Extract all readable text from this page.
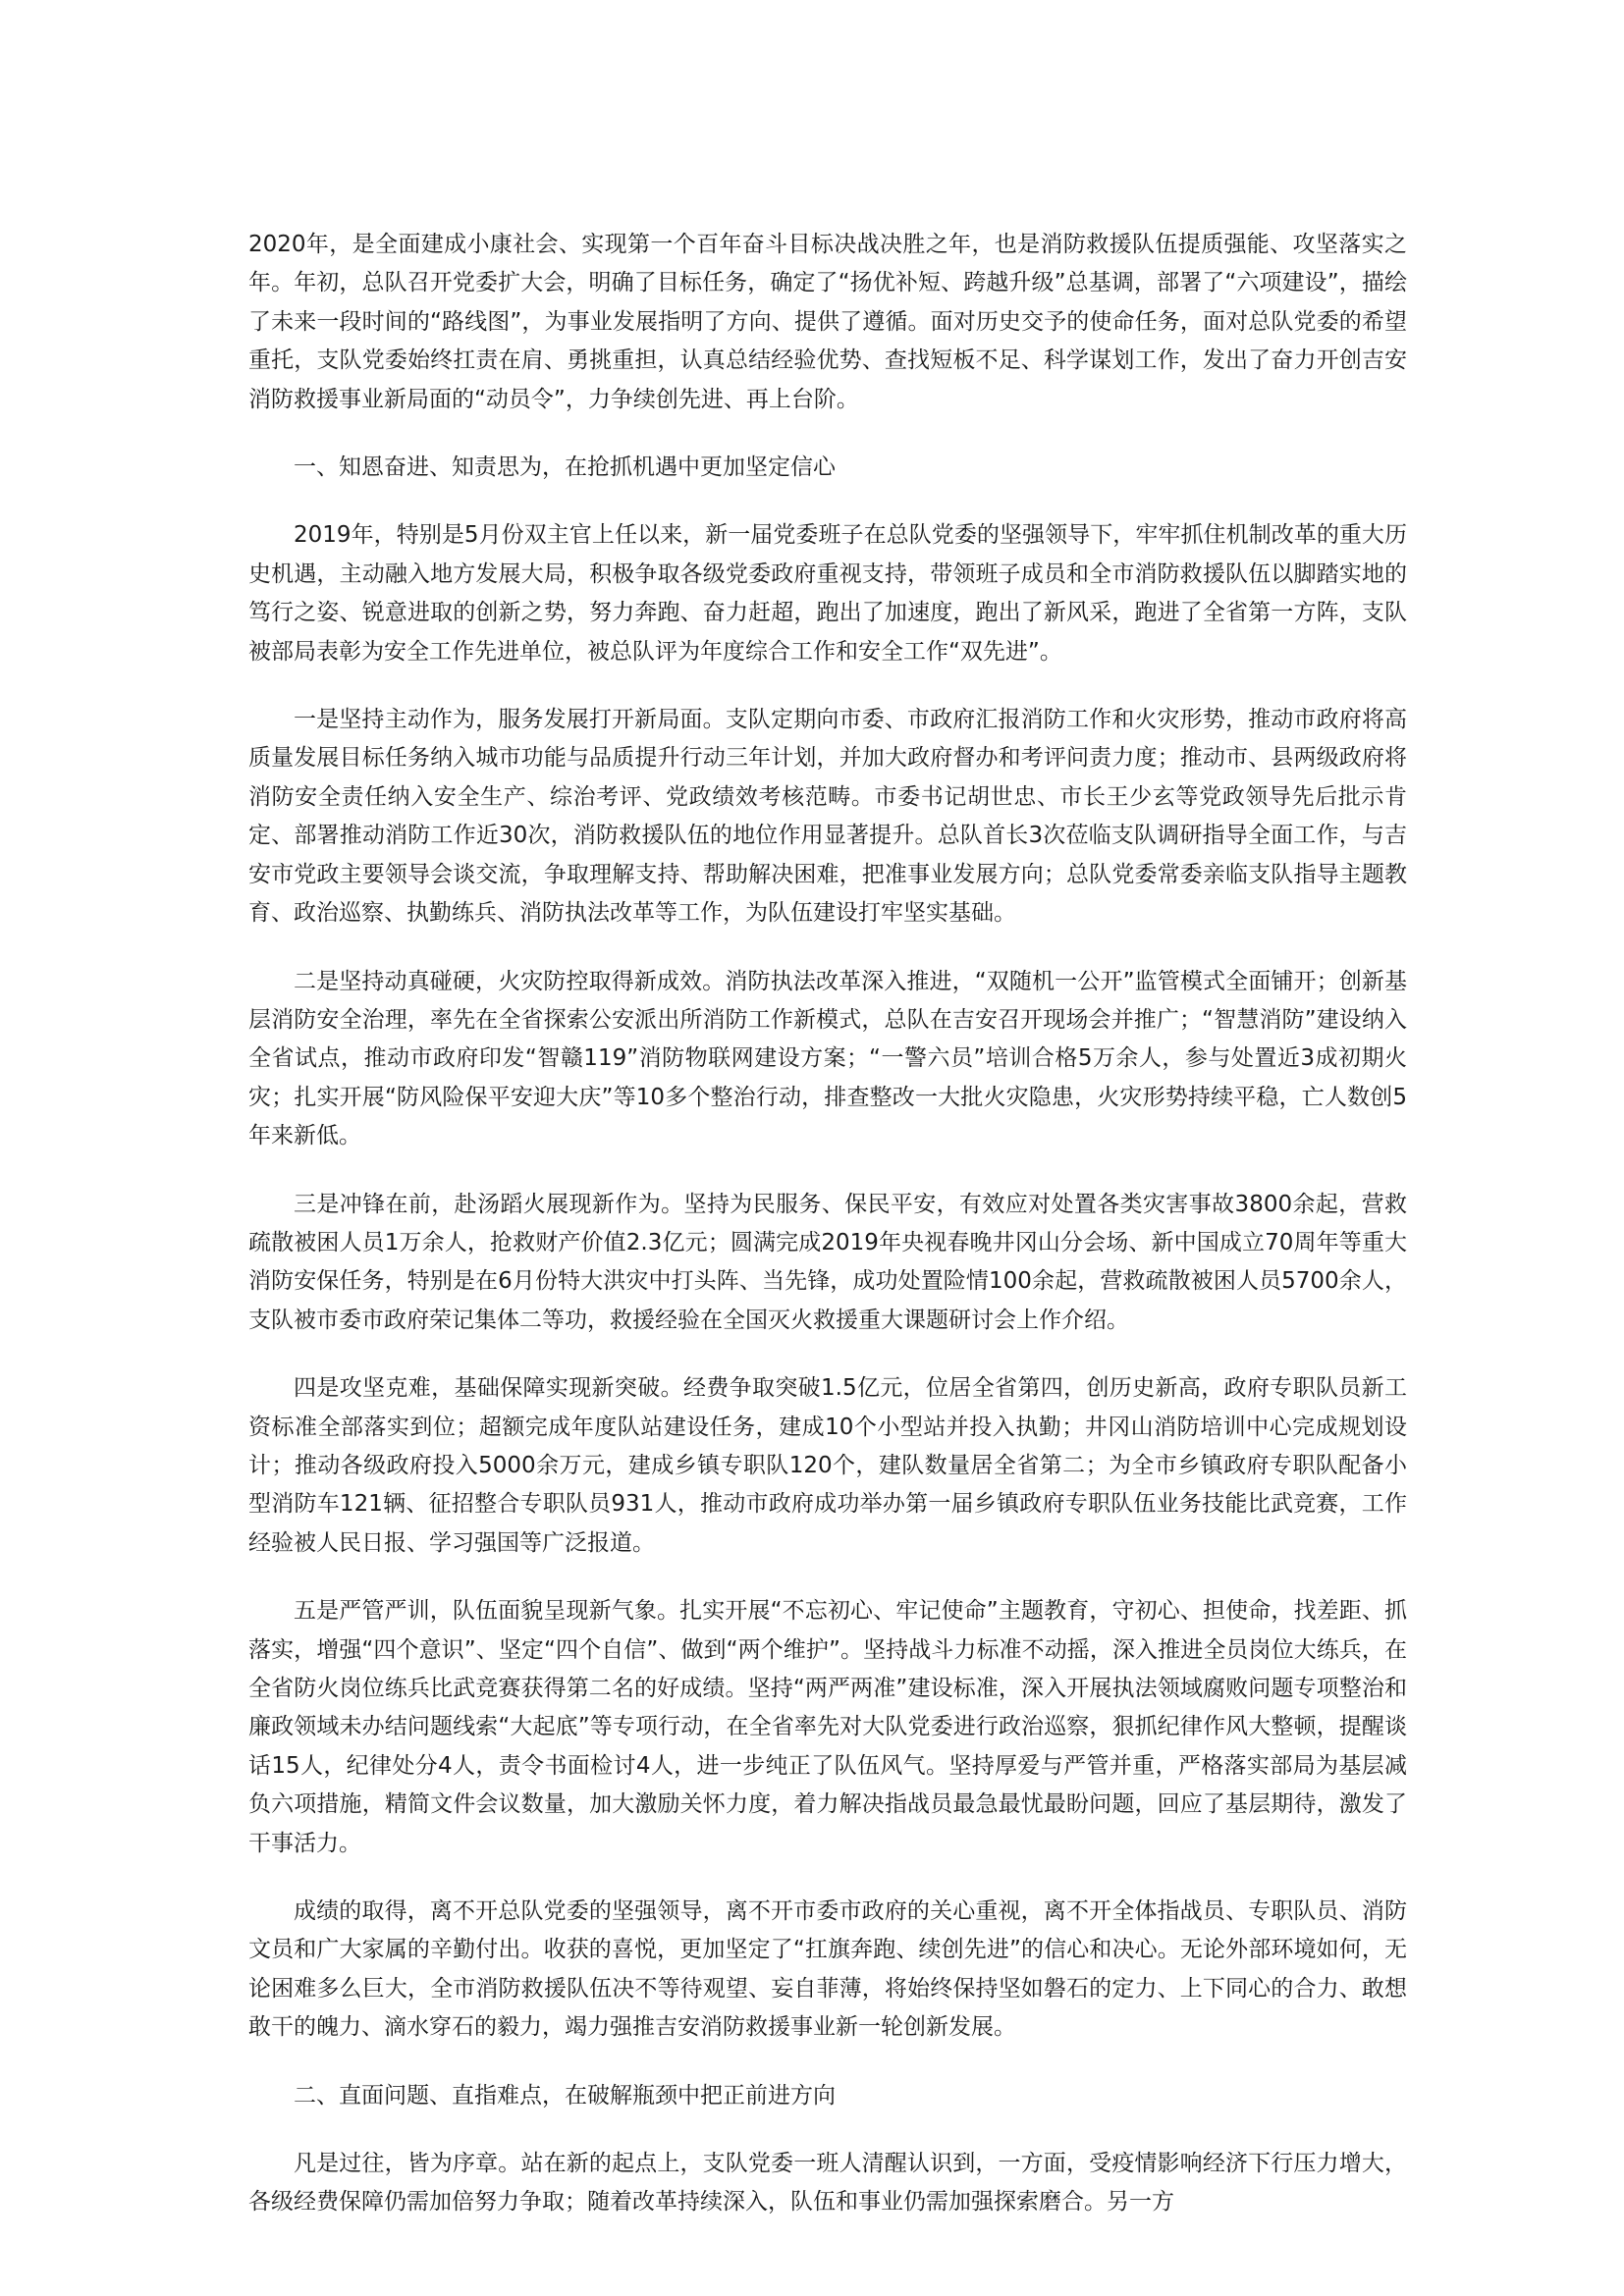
2020年，是全面建成小康社会、实现第一个百年奋斗目标决战决胜之年，也是消防救援队伍提质强能、攻坚落实之年。年初，总队召开党委扩大会，明确了目标任务，确定了“扬优补短、跨越升级”总基调，部署了“六项建设”，描绘了未来一段时间的“路线图”，为事业发展指明了方向、提供了遵循。面对历史交予的使命任务，面对总队党委的希望重托，支队党委始终扛责在肩、勇挑重担，认真总结经验优势、查找短板不足、科学谋划工作，发出了奋力开创吉安消防救援事业新局面的“动员令”，力争续创先进、再上台阶。

一、知恩奋进、知责思为，在抢抓机遇中更加坚定信心

2019年，特别是5月份双主官上任以来，新一届党委班子在总队党委的坚强领导下，牢牢抓住机制改革的重大历史机遇，主动融入地方发展大局，积极争取各级党委政府重视支持，带领班子成员和全市消防救援队伍以脚踏实地的笃行之姿、锐意进取的创新之势，努力奔跑、奋力赶超，跑出了加速度，跑出了新风采，跑进了全省第一方阵，支队被部局表彰为安全工作先进单位，被总队评为年度综合工作和安全工作“双先进”。

一是坚持主动作为，服务发展打开新局面。支队定期向市委、市政府汇报消防工作和火灾形势，推动市政府将高质量发展目标任务纳入城市功能与品质提升行动三年计划，并加大政府督办和考评问责力度；推动市、县两级政府将消防安全责任纳入安全生产、综治考评、党政绩效考核范畴。市委书记胡世忠、市长王少玄等党政领导先后批示肯定、部署推动消防工作近30次，消防救援队伍的地位作用显著提升。总队首长3次莅临支队调研指导全面工作，与吉安市党政主要领导会谈交流，争取理解支持、帮助解决困难，把准事业发展方向；总队党委常委亲临支队指导主题教育、政治巡察、执勤练兵、消防执法改革等工作，为队伍建设打牢坚实基础。

二是坚持动真碰硬，火灾防控取得新成效。消防执法改革深入推进，“双随机一公开”监管模式全面铺开；创新基层消防安全治理，率先在全省探索公安派出所消防工作新模式，总队在吉安召开现场会并推广；“智慧消防”建设纳入全省试点，推动市政府印发“智赣119”消防物联网建设方案；“一警六员”培训合格5万余人，参与处置近3成初期火灾；扎实开展“防风险保平安迎大庆”等10多个整治行动，排查整改一大批火灾隐患，火灾形势持续平稳，亡人数创5年来新低。

三是冲锋在前，赴汤蹈火展现新作为。坚持为民服务、保民平安，有效应对处置各类灾害事故3800余起，营救疏散被困人员1万余人，抢救财产价值2.3亿元；圆满完成2019年央视春晚井冈山分会场、新中国成立70周年等重大消防安保任务，特别是在6月份特大洪灾中打头阵、当先锋，成功处置险情100余起，营救疏散被困人员5700余人，支队被市委市政府荣记集体二等功，救援经验在全国灭火救援重大课题研讨会上作介绍。

四是攻坚克难，基础保障实现新突破。经费争取突破1.5亿元，位居全省第四，创历史新高，政府专职队员新工资标准全部落实到位；超额完成年度队站建设任务，建成10个小型站并投入执勤；井冈山消防培训中心完成规划设计；推动各级政府投入5000余万元，建成乡镇专职队120个，建队数量居全省第二；为全市乡镇政府专职队配备小型消防车121辆、征招整合专职队员931人，推动市政府成功举办第一届乡镇政府专职队伍业务技能比武竞赛，工作经验被人民日报、学习强国等广泛报道。

五是严管严训，队伍面貌呈现新气象。扎实开展“不忘初心、牢记使命”主题教育，守初心、担使命，找差距、抓落实，增强“四个意识”、坚定“四个自信”、做到“两个维护”。坚持战斗力标准不动摇，深入推进全员岗位大练兵，在全省防火岗位练兵比武竞赛获得第二名的好成绩。坚持“两严两准”建设标准，深入开展执法领域腐败问题专项整治和廉政领域未办结问题线索“大起底”等专项行动，在全省率先对大队党委进行政治巡察，狠抓纪律作风大整顿，提醒谈话15人，纪律处分4人，责令书面检讨4人，进一步纯正了队伍风气。坚持厚爱与严管并重，严格落实部局为基层减负六项措施，精简文件会议数量，加大激励关怀力度，着力解决指战员最急最忧最盼问题，回应了基层期待，激发了干事活力。

成绩的取得，离不开总队党委的坚强领导，离不开市委市政府的关心重视，离不开全体指战员、专职队员、消防文员和广大家属的辛勤付出。收获的喜悦，更加坚定了“扛旗奔跑、续创先进”的信心和决心。无论外部环境如何，无论困难多么巨大，全市消防救援队伍决不等待观望、妄自菲薄，将始终保持坚如磐石的定力、上下同心的合力、敢想敢干的魄力、滴水穿石的毅力，竭力强推吉安消防救援事业新一轮创新发展。

二、直面问题、直指难点，在破解瓶颈中把正前进方向

凡是过往，皆为序章。站在新的起点上，支队党委一班人清醒认识到，一方面，受疫情影响经济下行压力增大，各级经费保障仍需加倍努力争取；随着改革持续深入，队伍和事业仍需加强探索磨合。另一方
